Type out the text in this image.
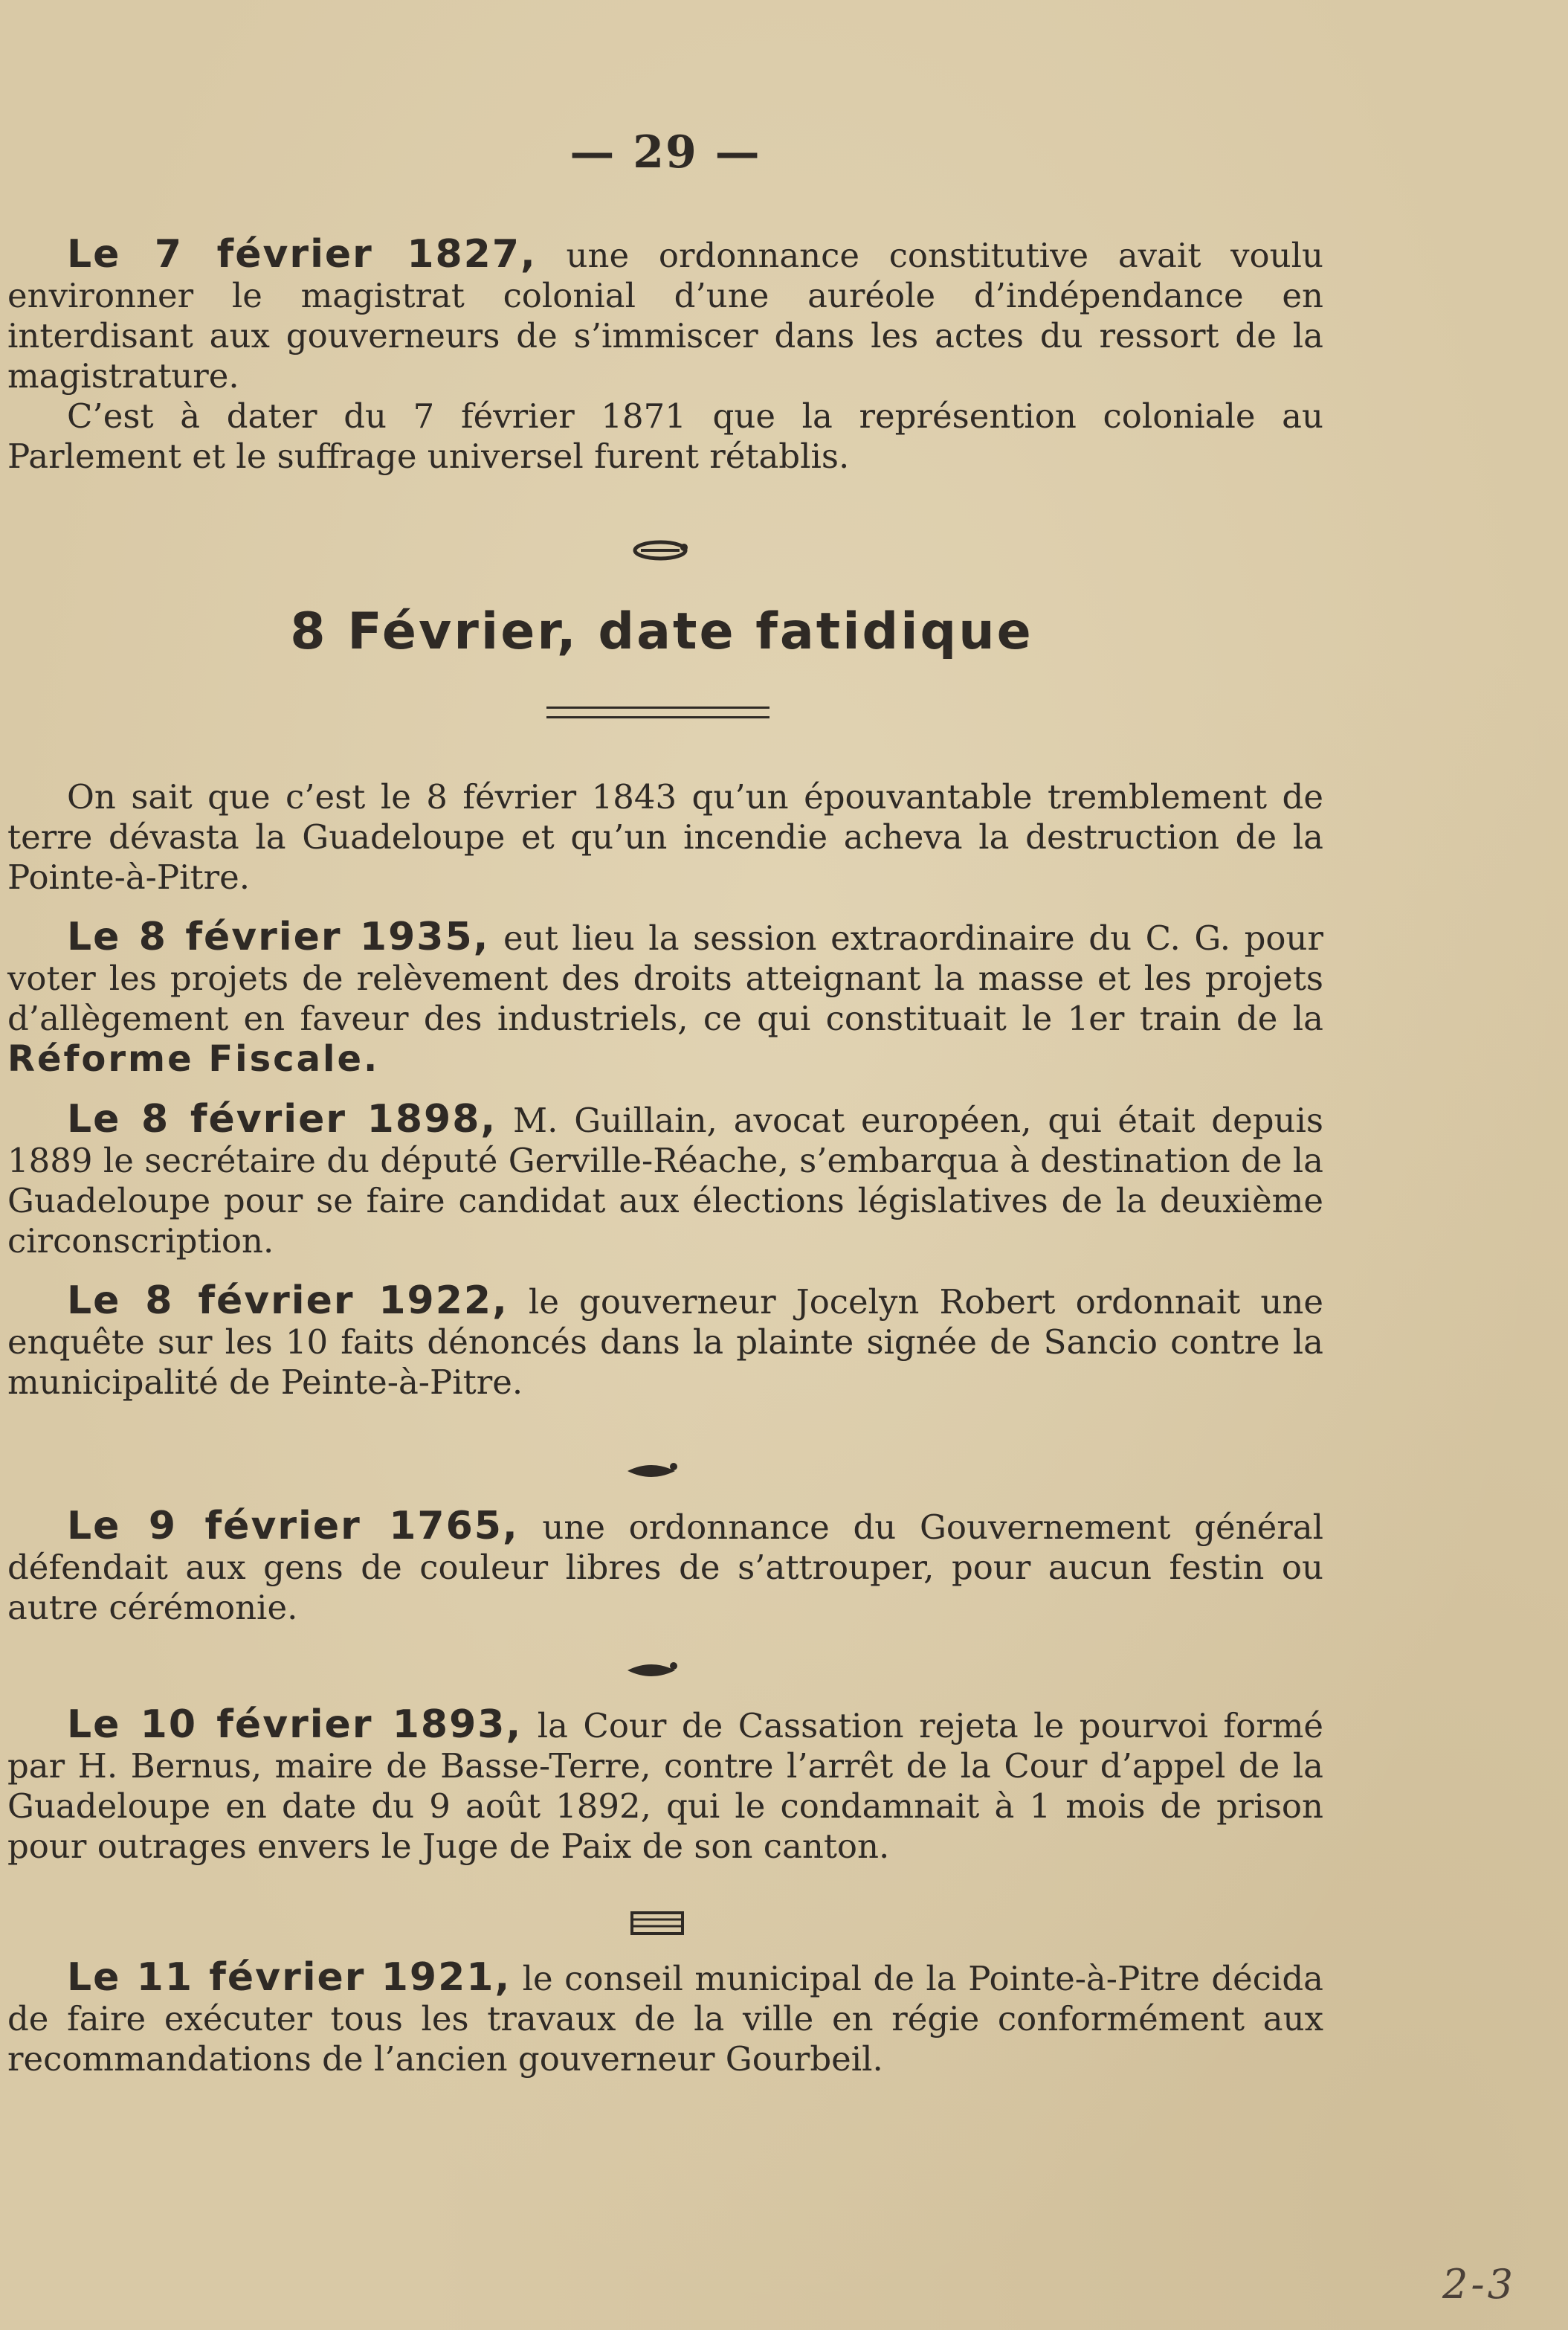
— 29 —

Le 7 février 1827, une ordonnance constitutive avait voulu environner le magistrat colonial d’une auréole d’indépendance en interdisant aux gouverneurs de s’immiscer dans les actes du ressort de la magistrature.

C’est à dater du 7 février 1871 que la représention coloniale au Parlement et le suffrage universel furent rétablis.

8 Février, date fatidique

On sait que c’est le 8 février 1843 qu’un épouvantable tremblement de terre dévasta la Guadeloupe et qu’un incendie acheva la destruction de la Pointe-à-Pitre.

Le 8 février 1935, eut lieu la session extraordinaire du C. G. pour voter les projets de relèvement des droits atteignant la masse et les projets d’allègement en faveur des industriels, ce qui constituait le 1er train de la Réforme Fiscale.

Le 8 février 1898, M. Guillain, avocat européen, qui était depuis 1889 le secrétaire du député Gerville-Réache, s’embarqua à destination de la Guadeloupe pour se faire candidat aux élections législatives de la deuxième circonscription.

Le 8 février 1922, le gouverneur Jocelyn Robert ordonnait une enquête sur les 10 faits dénoncés dans la plainte signée de Sancio contre la municipalité de Peinte-à-Pitre.

Le 9 février 1765, une ordonnance du Gouvernement général défendait aux gens de couleur libres de s’attrouper, pour aucun festin ou autre cérémonie.

Le 10 février 1893, la Cour de Cassation rejeta le pourvoi formé par H. Bernus, maire de Basse-Terre, contre l’arrêt de la Cour d’appel de la Guadeloupe en date du 9 août 1892, qui le condamnait à 1 mois de prison pour outrages envers le Juge de Paix de son canton.

Le 11 février 1921, le conseil municipal de la Pointe-à-Pitre décida de faire exécuter tous les travaux de la ville en régie conformément aux recommandations de l’ancien gouverneur Gourbeil.

2-3
